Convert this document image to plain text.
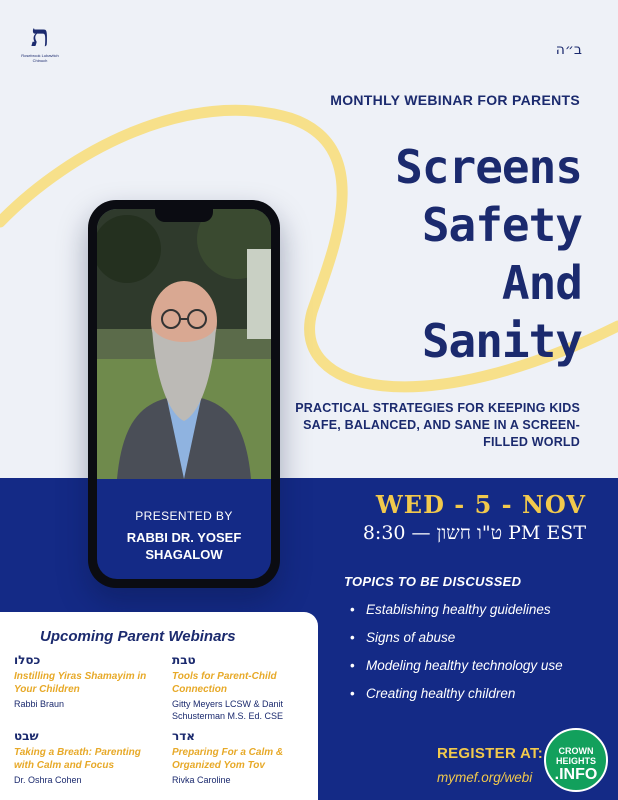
ת
Rosebrook Lubavitch Chinuch
ב״ה
MONTHLY WEBINAR FOR PARENTS
Screens
Safety
And
Sanity
PRACTICAL STRATEGIES FOR KEEPING KIDS SAFE, BALANCED, AND SANE IN A SCREEN-FILLED WORLD
PRESENTED BY
RABBI DR. YOSEF SHAGALOW
WED - 5 - NOV
ט"ו חשון — 8:30 PM EST
TOPICS TO BE DISCUSSED
• Establishing healthy guidelines
• Signs of abuse
• Modeling healthy technology use
• Creating healthy children
REGISTER AT:
mymef.org/webi
CROWN
HEIGHTS
.INFO
Upcoming Parent Webinars
כסלו
Instilling Yiras Shamayim in Your Children
Rabbi Braun
טבת
Tools for Parent-Child Connection
Gitty Meyers LCSW & Danit Schusterman M.S. Ed. CSE
שבט
Taking a Breath: Parenting with Calm and Focus
Dr. Oshra Cohen
אדר
Preparing For a Calm & Organized Yom Tov
Rivka Caroline
